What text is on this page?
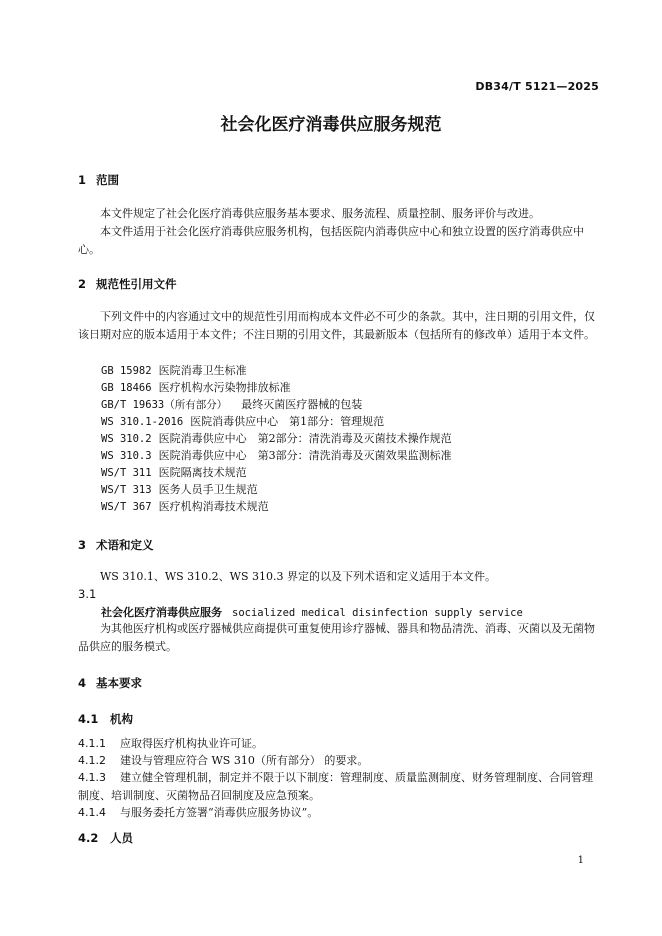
DB34/T 5121—2025
社会化医疗消毒供应服务规范
1 范围
本文件规定了社会化医疗消毒供应服务基本要求、服务流程、质量控制、服务评价与改进。
本文件适用于社会化医疗消毒供应服务机构，包括医院内消毒供应中心和独立设置的医疗消毒供应中心。
2 规范性引用文件
下列文件中的内容通过文中的规范性引用而构成本文件必不可少的条款。其中，注日期的引用文件，仅该日期对应的版本适用于本文件；不注日期的引用文件，其最新版本（包括所有的修改单）适用于本文件。
GB 15982 医院消毒卫生标准
GB 18466 医疗机构水污染物排放标准
GB/T 19633（所有部分） 最终灭菌医疗器械的包装
WS 310.1-2016 医院消毒供应中心　第1部分：管理规范
WS 310.2 医院消毒供应中心　第2部分：清洗消毒及灭菌技术操作规范
WS 310.3 医院消毒供应中心　第3部分：清洗消毒及灭菌效果监测标准
WS/T 311 医院隔离技术规范
WS/T 313 医务人员手卫生规范
WS/T 367 医疗机构消毒技术规范
3 术语和定义
WS 310.1、WS 310.2、WS 310.3 界定的以及下列术语和定义适用于本文件。
3.1
社会化医疗消毒供应服务 socialized medical disinfection supply service
为其他医疗机构或医疗器械供应商提供可重复使用诊疗器械、器具和物品清洗、消毒、灭菌以及无菌物品供应的服务模式。
4 基本要求
4.1 机构
4.1.1 应取得医疗机构执业许可证。
4.1.2 建设与管理应符合 WS 310（所有部分） 的要求。
4.1.3 建立健全管理机制，制定并不限于以下制度：管理制度、质量监测制度、财务管理制度、合同管理制度、培训制度、灭菌物品召回制度及应急预案。
4.1.4 与服务委托方签署“消毒供应服务协议”。
4.2 人员
1
